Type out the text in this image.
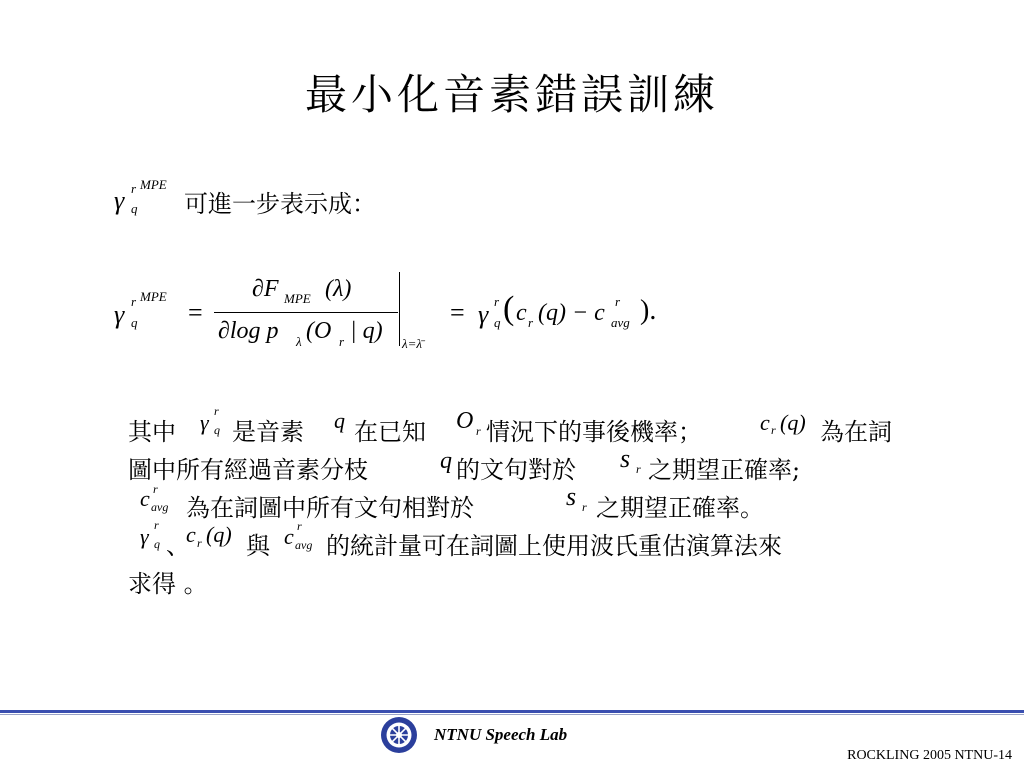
最小化音素錯誤訓練
γ r MPE
q 可進一步表示成：
γ r MPE
q =
∂F MPE (λ)
∂log p λ (O r | q) λ=λ̄
= γ r
q ( c r (q) − c r
avg ).
其中 γ r
q 是音素 q 在已知 O r 情況下的事後機率；	c r (q) 為在詞
圖中所有經過音素分枝	q 的文句對於 s r 之期望正確率;
c r
avg 為在詞圖中所有文句相對於	s r 之期望正確率。
γ r
q 、
c r (q) 與 c r
avg 的統計量可在詞圖上使用波氏重估演算法來
求得 。
NTNU Speech Lab
ROCKLING 2005 NTNU-14
